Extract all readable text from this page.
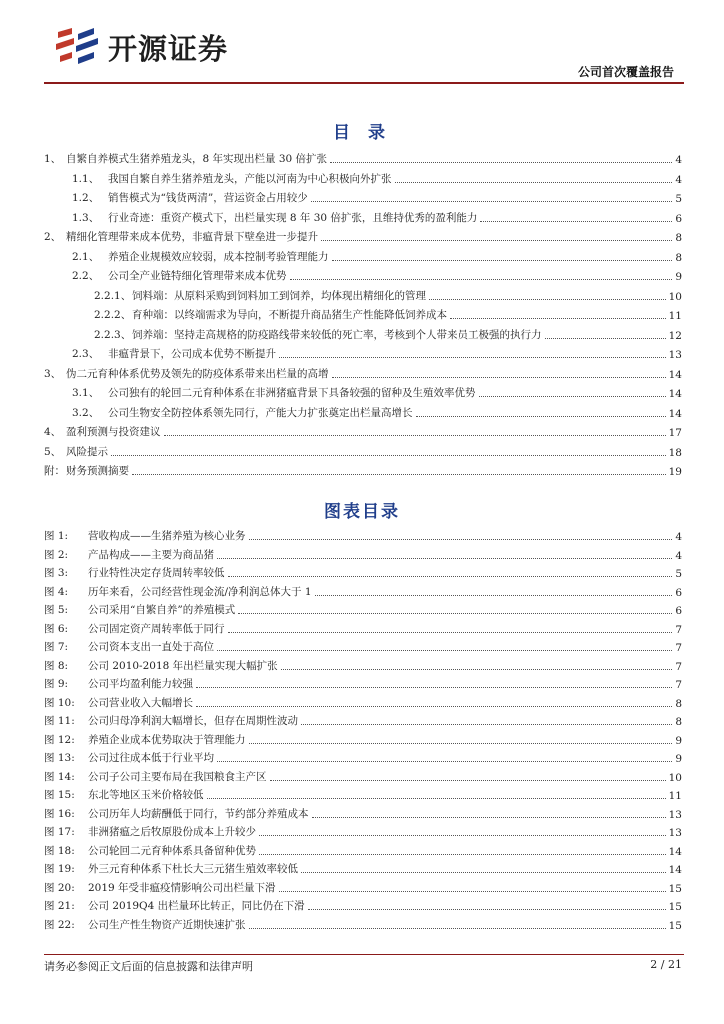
开源证券
公司首次覆盖报告
目 录
1、 自繁自养模式生猪养殖龙头，8 年实现出栏量 30 倍扩张	4
1.1、 我国自繁自养生猪养殖龙头，产能以河南为中心积极向外扩张	4
1.2、 销售模式为“钱货两清”，营运资金占用较少	5
1.3、 行业奇迹：重资产模式下，出栏量实现 8 年 30 倍扩张，且维持优秀的盈利能力	6
2、 精细化管理带来成本优势，非瘟背景下壁垒进一步提升	8
2.1、 养殖企业规模效应较弱，成本控制考验管理能力	8
2.2、 公司全产业链特细化管理带来成本优势	9
2.2.1、 饲料端：从原料采购到饲料加工到饲养，均体现出精细化的管理	10
2.2.2、 育种端：以终端需求为导向，不断提升商品猪生产性能降低饲养成本	11
2.2.3、 饲养端：坚持走高规格的防疫路线带来较低的死亡率，考核到个人带来员工极强的执行力	12
2.3、 非瘟背景下，公司成本优势不断提升	13
3、 伪二元育种体系优势及领先的防疫体系带来出栏量的高增	14
3.1、 公司独有的轮回二元育种体系在非洲猪瘟背景下具备较强的留种及生殖效率优势	14
3.2、 公司生物安全防控体系领先同行，产能大力扩张奠定出栏量高增长	14
4、 盈利预测与投资建议	17
5、 风险提示	18
附： 财务预测摘要	19
图表目录
图 1:	营收构成——生猪养殖为核心业务	4
图 2:	产品构成——主要为商品猪	4
图 3:	行业特性决定存货周转率较低	5
图 4:	历年来看，公司经营性现金流/净利润总体大于 1	6
图 5:	公司采用“自繁自养”的养殖模式	6
图 6:	公司固定资产周转率低于同行	7
图 7:	公司资本支出一直处于高位	7
图 8:	公司 2010-2018 年出栏量实现大幅扩张	7
图 9:	公司平均盈利能力较强	7
图 10:	公司营业收入大幅增长	8
图 11:	公司归母净利润大幅增长，但存在周期性波动	8
图 12:	养殖企业成本优势取决于管理能力	9
图 13:	公司过往成本低于行业平均	9
图 14:	公司子公司主要布局在我国粮食主产区	10
图 15:	东北等地区玉米价格较低	11
图 16:	公司历年人均薪酬低于同行，节约部分养殖成本	13
图 17:	非洲猪瘟之后牧原股份成本上升较少	13
图 18:	公司轮回二元育种体系具备留种优势	14
图 19:	外三元育种体系下杜长大三元猪生殖效率较低	14
图 20:	2019 年受非瘟疫情影响公司出栏量下滑	15
图 21:	公司 2019Q4 出栏量环比转正，同比仍在下滑	15
图 22:	公司生产性生物资产近期快速扩张	15
请务必参阅正文后面的信息披露和法律声明	2 / 21
